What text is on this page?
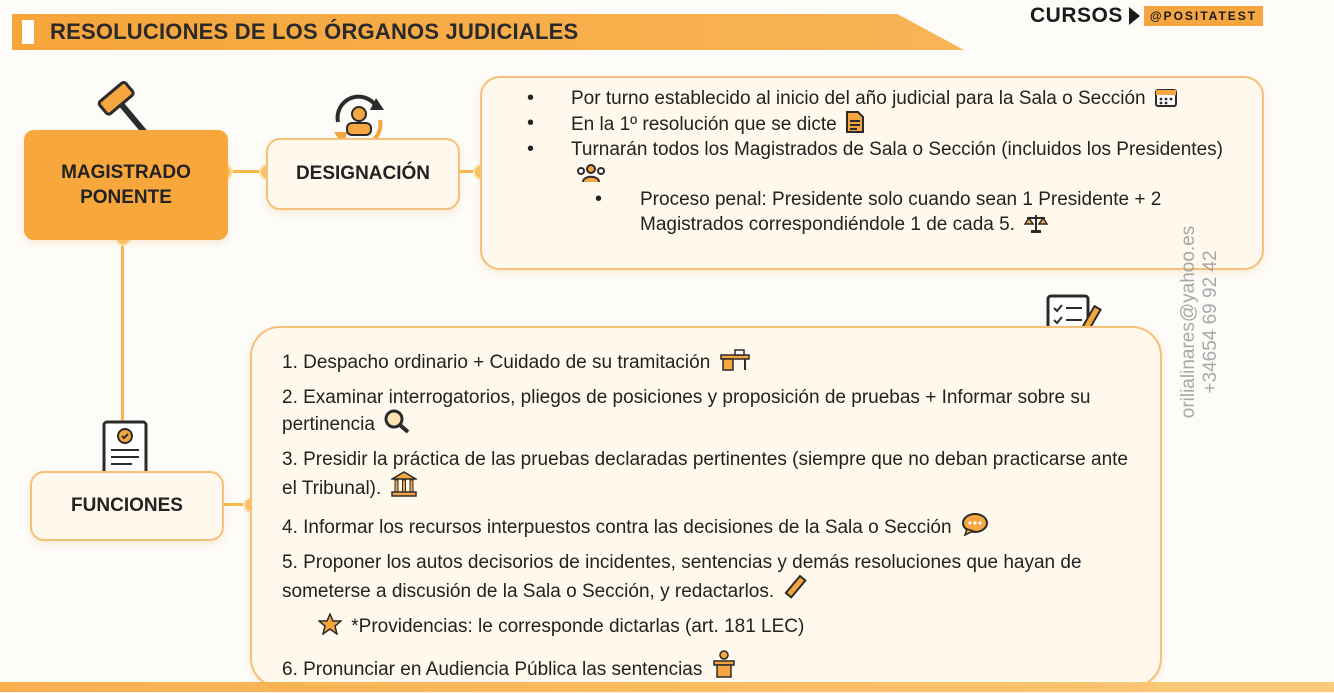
RESOLUCIONES DE LOS ÓRGANOS JUDICIALES
CURSOS	@POSITATEST
MAGISTRADO PONENTE
DESIGNACIÓN
• Por turno establecido al inicio del año judicial para la Sala o Sección
• En la 1º resolución que se dicte
• Turnarán todos los Magistrados de Sala o Sección (incluidos los Presidentes)
• Proceso penal: Presidente solo cuando sean 1 Presidente + 2 Magistrados correspondiéndole 1 de cada 5.
FUNCIONES
1. Despacho ordinario + Cuidado de su tramitación
2. Examinar interrogatorios, pliegos de posiciones y proposición de pruebas + Informar sobre su pertinencia
3. Presidir la práctica de las pruebas declaradas pertinentes (siempre que no deban practicarse ante el Tribunal).
4. Informar los recursos interpuestos contra las decisiones de la Sala o Sección
5. Proponer los autos decisorios de incidentes, sentencias y demás resoluciones que hayan de someterse a discusión de la Sala o Sección, y redactarlos.
*Providencias: le corresponde dictarlas (art. 181 LEC)
6. Pronunciar en Audiencia Pública las sentencias
orilialinares@yahoo.es +34654 69 92 42
